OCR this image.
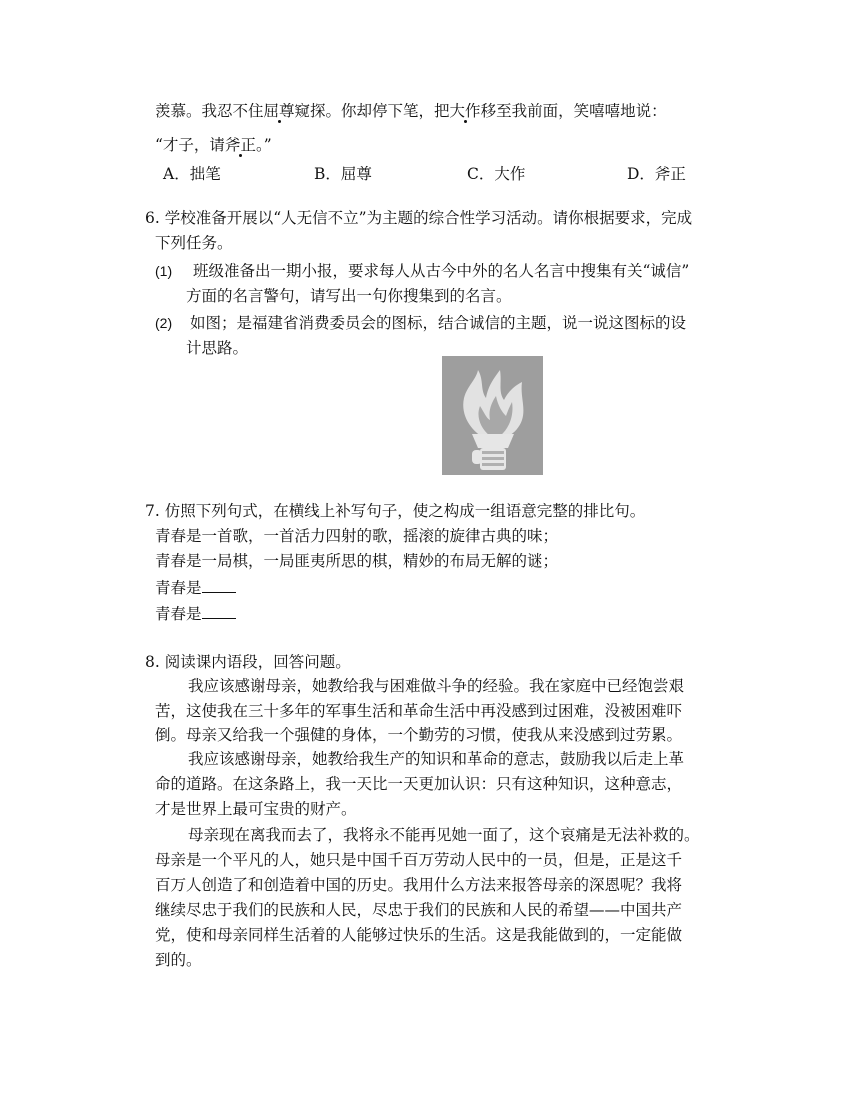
羡慕。我忍不住屈尊窥探。你却停下笔，把大作移至我前面，笑嘻嘻地说：
“才子，请斧正。”
A．拙笔	B．屈尊	C．大作	D．斧正
6. 学校准备开展以“人无信不立”为主题的综合性学习活动。请你根据要求，完成
下列任务。
(1) 班级准备出一期小报，要求每人从古今中外的名人名言中搜集有关“诚信”
方面的名言警句，请写出一句你搜集到的名言。
(2) 如图；是福建省消费委员会的图标，结合诚信的主题，说一说这图标的设
计思路。
7. 仿照下列句式，在横线上补写句子，使之构成一组语意完整的排比句。
青春是一首歌，一首活力四射的歌，摇滚的旋律古典的味；
青春是一局棋，一局匪夷所思的棋，精妙的布局无解的谜；
青春是
青春是
8. 阅读课内语段，回答问题。
我应该感谢母亲，她教给我与困难做斗争的经验。我在家庭中已经饱尝艰
苦，这使我在三十多年的军事生活和革命生活中再没感到过困难，没被困难吓
倒。母亲又给我一个强健的身体，一个勤劳的习惯，使我从来没感到过劳累。
我应该感谢母亲，她教给我生产的知识和革命的意志，鼓励我以后走上革
命的道路。在这条路上，我一天比一天更加认识：只有这种知识，这种意志，
才是世界上最可宝贵的财产。
母亲现在离我而去了，我将永不能再见她一面了，这个哀痛是无法补救的。
母亲是一个平凡的人，她只是中国千百万劳动人民中的一员，但是，正是这千
百万人创造了和创造着中国的历史。我用什么方法来报答母亲的深恩呢？我将
继续尽忠于我们的民族和人民，尽忠于我们的民族和人民的希望——中国共产
党，使和母亲同样生活着的人能够过快乐的生活。这是我能做到的，一定能做
到的。
